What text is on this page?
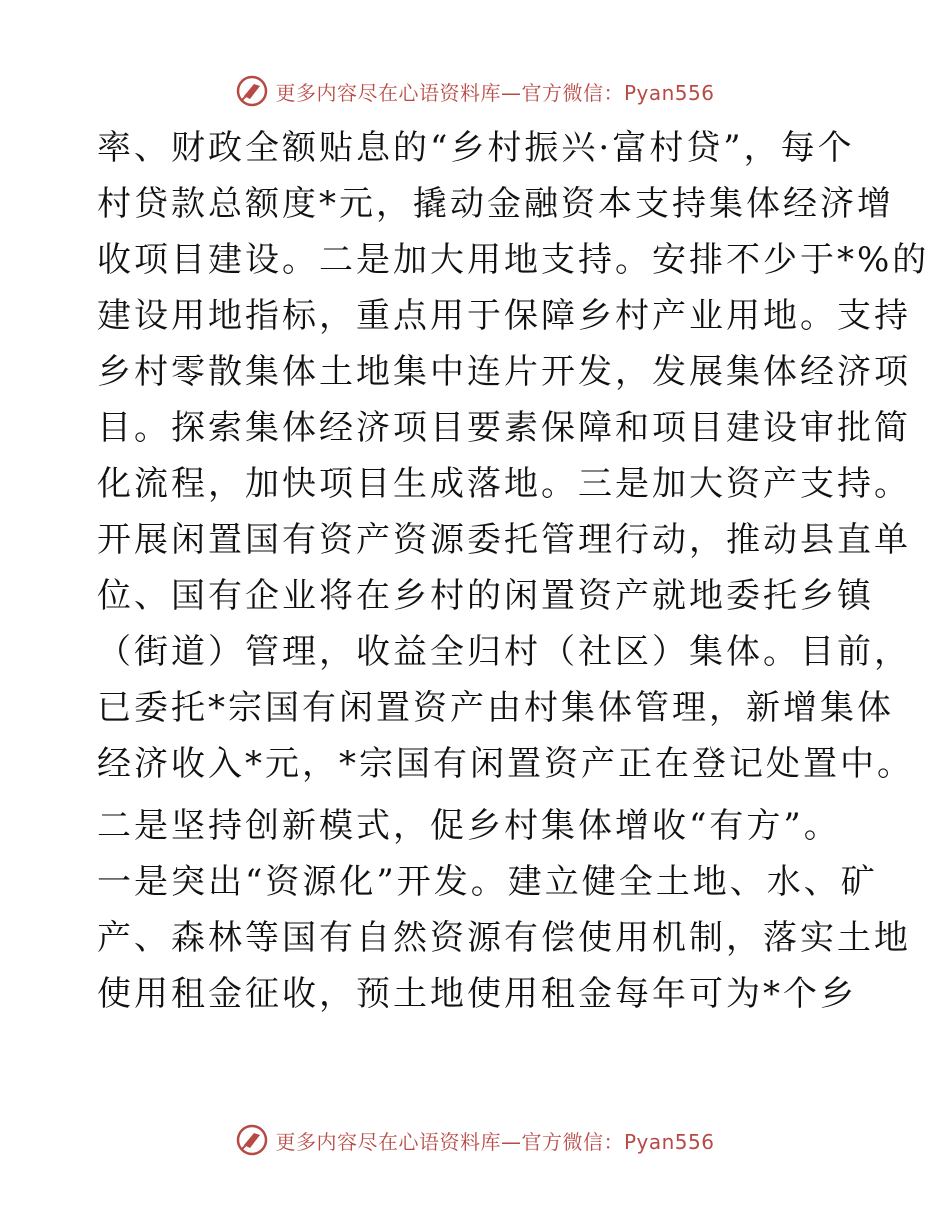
更多内容尽在心语资料库—官方微信：Pyan556
率、财政全额贴息的“乡村振兴·富村贷”，每个
村贷款总额度*元，撬动金融资本支持集体经济增
收项目建设。二是加大用地支持。安排不少于*%的
建设用地指标，重点用于保障乡村产业用地。支持
乡村零散集体土地集中连片开发，发展集体经济项
目。探索集体经济项目要素保障和项目建设审批简
化流程，加快项目生成落地。三是加大资产支持。
开展闲置国有资产资源委托管理行动，推动县直单
位、国有企业将在乡村的闲置资产就地委托乡镇
（街道）管理，收益全归村（社区）集体。目前，
已委托*宗国有闲置资产由村集体管理，新增集体
经济收入*元，*宗国有闲置资产正在登记处置中。
二是坚持创新模式，促乡村集体增收“有方”。
一是突出“资源化”开发。建立健全土地、水、矿
产、森林等国有自然资源有偿使用机制，落实土地
使用租金征收，预土地使用租金每年可为*个乡
更多内容尽在心语资料库—官方微信：Pyan556
